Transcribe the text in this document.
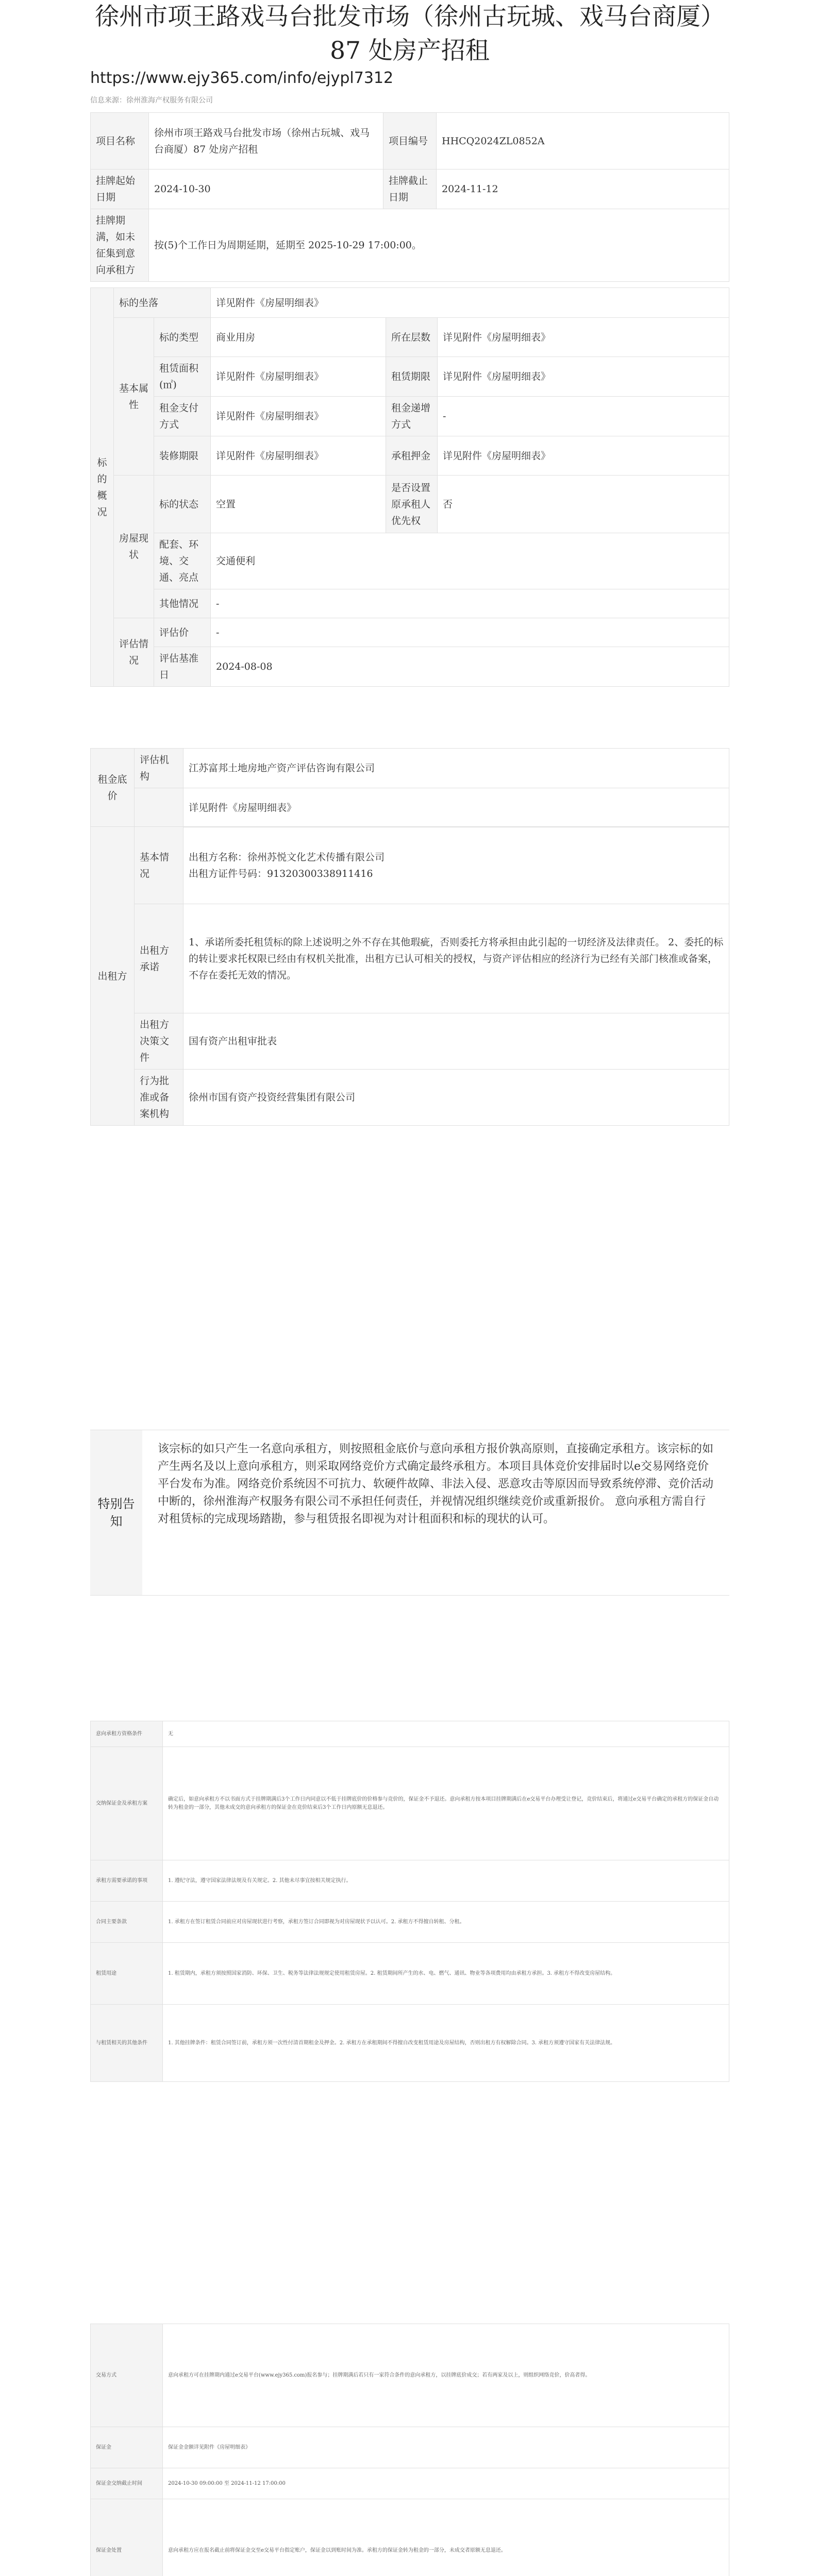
徐州市项王路戏马台批发市场（徐州古玩城、戏马台商厦）87 处房产招租
https://www.ejy365.com/info/ejypl7312
信息来源：徐州淮海产权服务有限公司
项目名称	徐州市项王路戏马台批发市场（徐州古玩城、戏马台商厦）87 处房产招租	项目编号	HHCQ2024ZL0852A
挂牌起始日期	2024-10-30	挂牌截止日期	2024-11-12
挂牌期满，如未征集到意向承租方	按(5)个工作日为周期延期，延期至 2025-10-29 17:00:00。		
标的概况	标的坐落		详见附件《房屋明细表》		
	基本属性	标的类型	商业用房	所在层数	详见附件《房屋明细表》
		租赁面积(㎡)	详见附件《房屋明细表》	租赁期限	详见附件《房屋明细表》
		租金支付方式	详见附件《房屋明细表》	租金递增方式	-
		装修期限	详见附件《房屋明细表》	承租押金	详见附件《房屋明细表》
	房屋现状	标的状态	空置	是否设置原承租人优先权	否
		配套、环境、交通、亮点	交通便利		
		其他情况	-		
	评估情况	评估价	-		
		评估基准日	2024-08-08		
租金底价	评估机构	江苏富邦土地房地产资产评估咨询有限公司
		详见附件《房屋明细表》
出租方	基本情况	出租方名称：徐州苏悦文化艺术传播有限公司
出租方证件号码：91320300338911416

	出租方承诺	1、承诺所委托租赁标的除上述说明之外不存在其他瑕疵，否则委托方将承担由此引起的一切经济及法律责任。 2、委托的标的转让要求托权限已经由有权机关批准，出租方已认可相关的授权，与资产评估相应的经济行为已经有关部门核准或备案，不存在委托无效的情况。
	出租方决策文件	国有资产出租审批表
	行为批准或备案机构	徐州市国有资产投资经营集团有限公司
特别告知
该宗标的如只产生一名意向承租方，则按照租金底价与意向承租方报价孰高原则，直接确定承租方。该宗标的如产生两名及以上意向承租方，则采取网络竞价方式确定最终承租方。本项目具体竞价安排届时以e交易网络竞价平台发布为准。网络竞价系统因不可抗力、软硬件故障、非法入侵、恶意攻击等原因而导致系统停滞、竞价活动中断的，徐州淮海产权服务有限公司不承担任何责任，并视情况组织继续竞价或重新报价。 意向承租方需自行对租赁标的完成现场踏勘，参与租赁报名即视为对计租面积和标的现状的认可。
意向承租方资格条件	无
交纳保证金及承租方案	确定后，如意向承租方不以书面方式于挂牌期满后3个工作日内同意以不低于挂牌底价的价格参与竞价的，保证金不予退还。意向承租方按本项目挂牌期满后在e交易平台办理受让登记，竞价结束后，将通过e交易平台确定的承租方的保证金自动转为租金的一部分，其他未成交的意向承租方的保证金在竞价结束后3个工作日内原额无息退还。
承租方需要承诺的事项	1. 遵纪守法，遵守国家法律法规及有关规定。2. 其他未尽事宜按相关规定执行。
合同主要条款	1. 承租方在签订租赁合同前应对房屋现状进行考察，承租方签订合同即视为对房屋现状予以认可。2. 承租方不得擅自转租、分租。
租赁用途	1. 租赁期内，承租方须按照国家消防、环保、卫生、税务等法律法规规定使用租赁房屋。2. 租赁期间所产生的水、电、燃气、通讯、物业等各项费用均由承租方承担。3. 承租方不得改变房屋结构。
与租赁相关的其他条件	1. 其他挂牌条件：租赁合同签订前，承租方须一次性付清首期租金及押金。2. 承租方在承租期间不得擅自改变租赁用途及房屋结构，否则出租方有权解除合同。3. 承租方须遵守国家有关法律法规。
交易方式	意向承租方可在挂牌期内通过e交易平台(www.ejy365.com)报名参与；挂牌期满后若只有一家符合条件的意向承租方，以挂牌底价成交；若有两家及以上，则组织网络竞价，价高者得。
保证金	保证金金额详见附件《房屋明细表》
保证金交纳截止时间	2024-10-30 09:00:00 至 2024-11-12 17:00:00
保证金处置	意向承租方应在报名截止前将保证金交至e交易平台指定账户，保证金以到账时间为准。承租方的保证金转为租金的一部分，未成交者原额无息退还。
